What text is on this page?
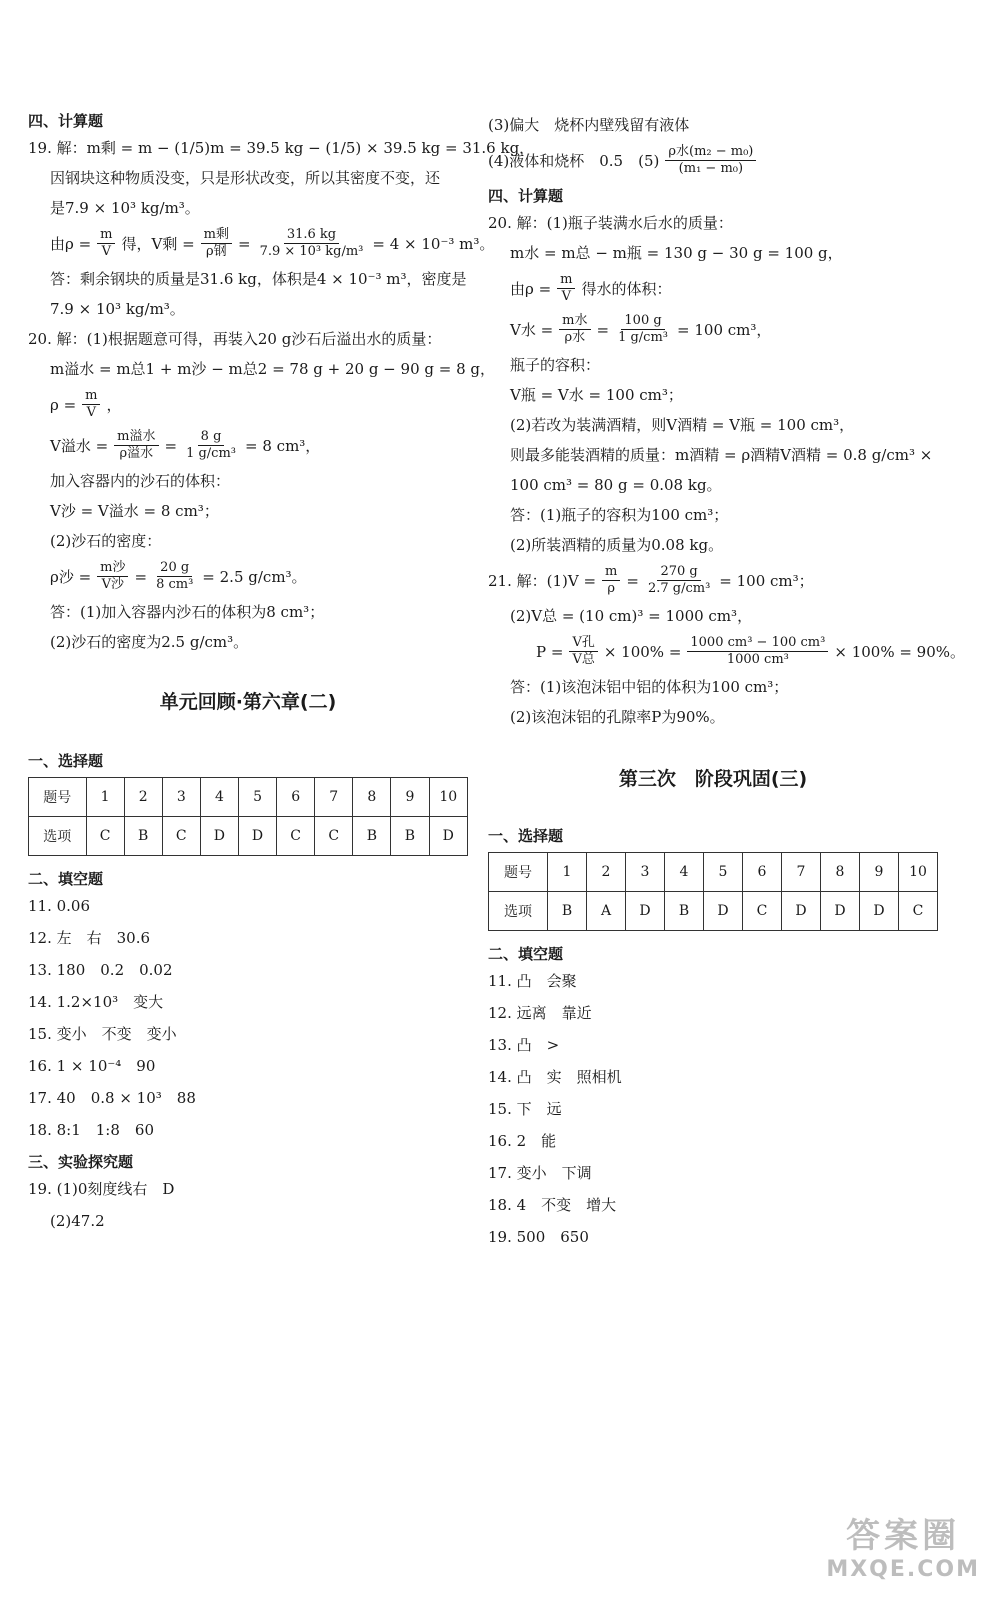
四、计算题
19. 解：m剩 = m − (1/5)m = 39.5 kg − (1/5) × 39.5 kg = 31.6 kg，
因钢块这种物质没变，只是形状改变，所以其密度不变，还
是7.9 × 10³ kg/m³。
由$\rho = \frac{m}{V}$ 得，V剩 = $\frac{\text{m剩}}{\text{ρ钢}} = \frac{31.6 kg}{\text{7.9 × 10³ kg/m³}} = 4 \times 10^{-3}$ m³。
答：剩余钢块的质量是31.6 kg，体积是4 × 10⁻³ m³，密度是
7.9 × 10³ kg/m³。
20. 解：(1)根据题意可得，再装入20 g沙石后溢出水的质量：
m溢水 = m总1 + m沙 − m总2 = 78 g + 20 g − 90 g = 8 g，
$\rho = \frac{m}{V}$ ，
V溢水 = $\frac{\text{m溢水}}{\text{ρ溢水}} = \frac{8 g}{\text{1 g/cm³}} = 8$ cm³，
加入容器内的沙石的体积：
V沙 = V溢水 = 8 cm³；
(2)沙石的密度：
ρ沙 = $\frac{\text{m沙}}{\text{V沙}} = \frac{20 g}{\text{8 cm³}} = 2.5$ g/cm³。
答：(1)加入容器内沙石的体积为8 cm³；
(2)沙石的密度为2.5 g/cm³。
单元回顾·第六章(二)
一、选择题
题号	1	2	3	4	5	6	7	8	9	10
选项	C	B	C	D	D	C	C	B	B	D
二、填空题
11. 0.06
12. 左　右　30.6
13. 180　0.2　0.02
14. 1.2×10³　变大
15. 变小　不变　变小
16. 1 × 10⁻⁴　90
17. 40　0.8 × 10³　88
18. 8:1　1:8　60
三、实验探究题
19. (1)0刻度线右　D
(2)47.2
(3)偏大　烧杯内壁残留有液体
(4)液体和烧杯　0.5　$(5) \frac{\text{ρ水(m₂ − m₀)}}{\text{(m₁ − m₀)}}$
四、计算题
20. 解：(1)瓶子装满水后水的质量：
m水 = m总 − m瓶 = 130 g − 30 g = 100 g，
由$\rho = \frac{m}{V}$ 得水的体积：
V水 = $\frac{\text{m水}}{\text{ρ水}} = \frac{100 g}{\text{1 g/cm³}} = 100$ cm³，
瓶子的容积：
V瓶 = V水 = 100 cm³；
(2)若改为装满酒精，则V酒精 = V瓶 = 100 cm³，
则最多能装酒精的质量：m酒精 = ρ酒精V酒精 = 0.8 g/cm³ ×
100 cm³ = 80 g = 0.08 kg。
答：(1)瓶子的容积为100 cm³；
(2)所装酒精的质量为0.08 kg。
21. 解：$(1)V = \frac{m}{\rho} = \frac{270 g}{\text{2.7 g/cm³}} = 100$ cm³；
(2)V总 = (10 cm)³ = 1000 cm³，
$P = \frac{\text{V孔}}{\text{V总}} \times 100\% = \frac{\text{1000 cm³ − 100 cm³}}{\text{1000 cm³}} \times 100\% = 90\%$。
答：(1)该泡沫铝中铝的体积为100 cm³；
(2)该泡沫铝的孔隙率P为90%。
第三次　阶段巩固(三)
一、选择题
题号	1	2	3	4	5	6	7	8	9	10
选项	B	A	D	B	D	C	D	D	D	C
二、填空题
11. 凸　会聚
12. 远离　靠近
13. 凸　>
14. 凸　实　照相机
15. 下　远
16. 2　能
17. 变小　下调
18. 4　不变　增大
19. 500　650
答案圈
MXQE.COM
